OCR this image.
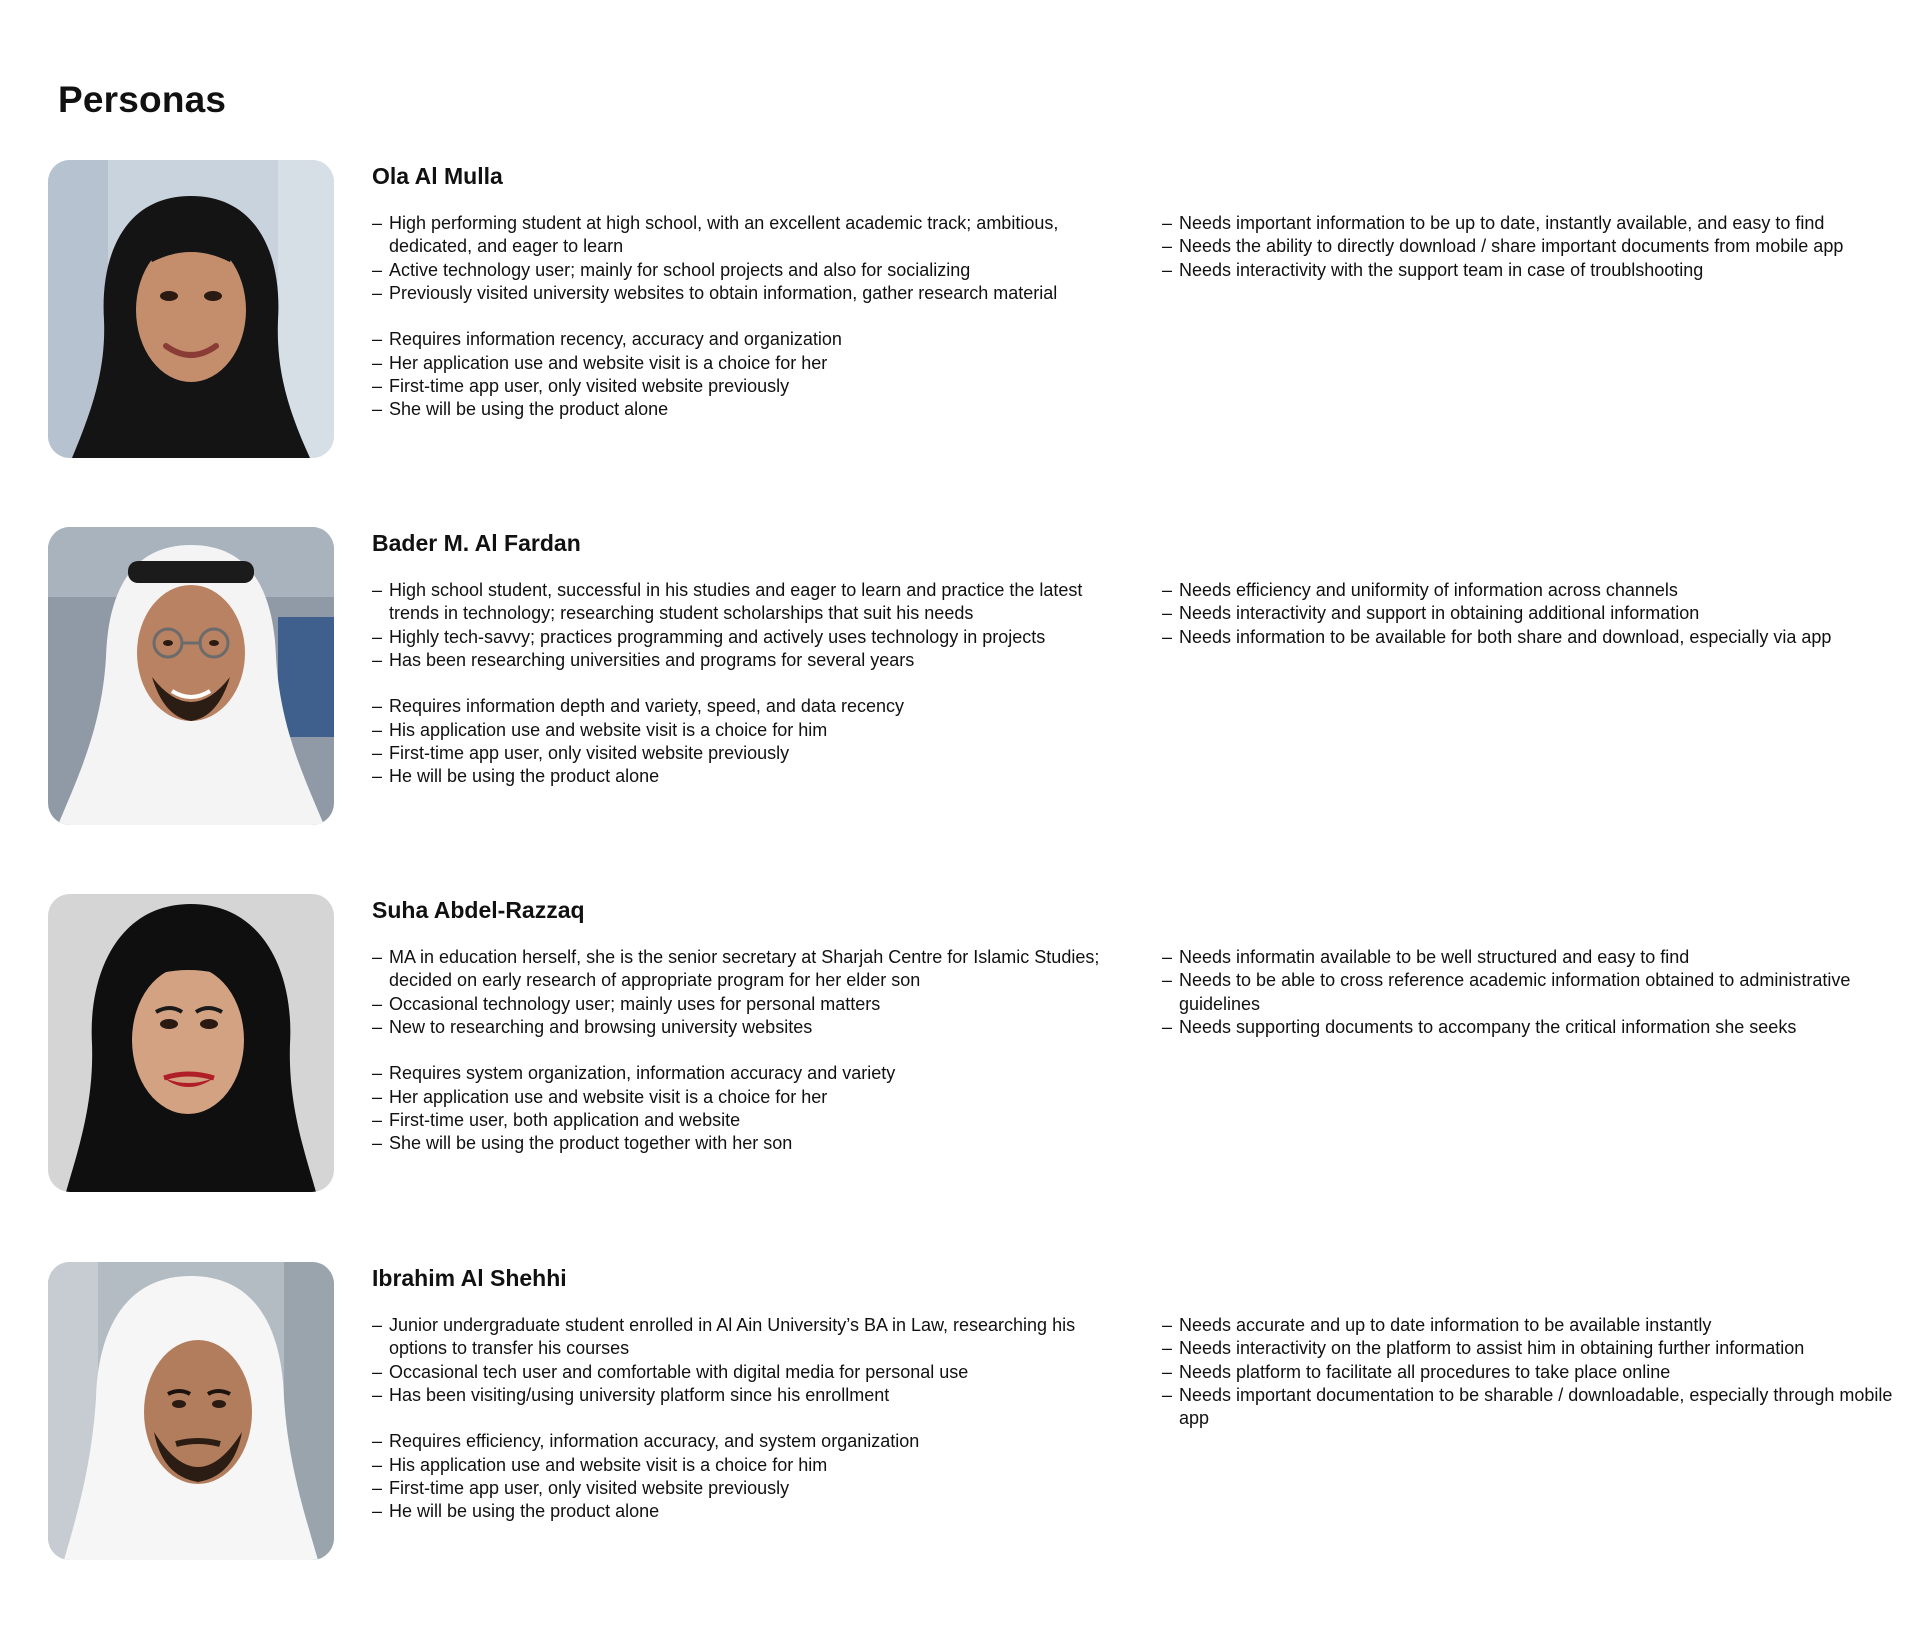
Personas
Ola Al Mulla
– High performing student at high school, with an excellent academic track; ambitious, dedicated, and eager to learn
– Active technology user; mainly for school projects and also for socializing
– Previously visited university websites to obtain information, gather research material
– Requires information recency, accuracy and organization
– Her application use and website visit is a choice for her
– First-time app user, only visited website previously
– She will be using the product alone
– Needs important information to be up to date, instantly available, and easy to find
– Needs the ability to directly download / share important documents from mobile app
– Needs interactivity with the support team in case of troublshooting
Bader M. Al Fardan
– High school student, successful in his studies and eager to learn and practice the latest trends in technology; researching student scholarships that suit his needs
– Highly tech-savvy; practices programming and actively uses technology in projects
– Has been researching universities and programs for several years
– Requires information depth and variety, speed, and data recency
– His application use and website visit is a choice for him
– First-time app user, only visited website previously
– He will be using the product alone
– Needs efficiency and uniformity of information across channels
– Needs interactivity and support in obtaining additional information
– Needs information to be available for both share and download, especially via app
Suha Abdel-Razzaq
– MA in education herself, she is the senior secretary at Sharjah Centre for Islamic Studies; decided on early research of appropriate program for her elder son
– Occasional technology user; mainly uses for personal matters
– New to researching and browsing university websites
– Requires system organization, information accuracy and variety
– Her application use and website visit is a choice for her
– First-time user, both application and website
– She will be using the product together with her son
– Needs informatin available to be well structured and easy to find
– Needs to be able to cross reference academic information obtained to administrative guidelines
– Needs supporting documents to accompany the critical information she seeks
Ibrahim Al Shehhi
– Junior undergraduate student enrolled in Al Ain University’s BA in Law, researching his options to transfer his courses
– Occasional tech user and comfortable with digital media for personal use
– Has been visiting/using university platform since his enrollment
– Requires efficiency, information accuracy, and system organization
– His application use and website visit is a choice for him
– First-time app user, only visited website previously
– He will be using the product alone
– Needs accurate and up to date information to be available instantly
– Needs interactivity on the platform to assist him in obtaining further information
– Needs platform to facilitate all procedures to take place online
– Needs important documentation to be sharable / downloadable, especially through mobile app
